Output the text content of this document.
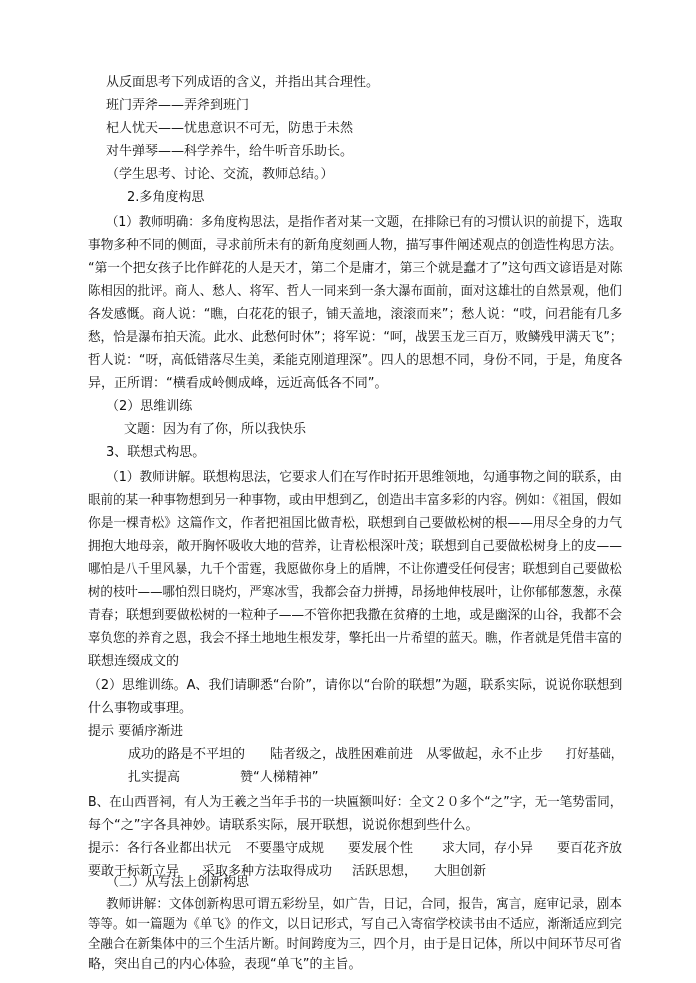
从反面思考下列成语的含义，并指出其合理性。
班门弄斧——弄斧到班门
杞人忧天——忧患意识不可无，防患于未然
对牛弹琴——科学养牛，给牛听音乐助长。
（学生思考、讨论、交流，教师总结。）
2.多角度构思
（1）教师明确：多角度构思法，是指作者对某一文题，在排除已有的习惯认识的前提下，选取
事物多种不同的侧面，寻求前所未有的新角度刻画人物，描写事件阐述观点的创造性构思方法。
“第一个把女孩子比作鲜花的人是天才，第二个是庸才，第三个就是蠢才了”这句西文谚语是对陈
陈相因的批评。商人、愁人、将军、哲人一同来到一条大瀑布面前，面对这雄壮的自然景观，他们
各发感慨。商人说：“瞧，白花花的银子，铺天盖地，滚滚而来”；愁人说：“哎，问君能有几多
愁，恰是瀑布拍天流。此水、此愁何时休”；将军说：“呵，战罢玉龙三百万，败鳞残甲满天飞”；
哲人说：“呀，高低错落尽生美，柔能克刚道理深”。四人的思想不同，身份不同，于是，角度各
异，正所谓：“横看成岭侧成峰，远近高低各不同”。
（2）思维训练
文题：因为有了你，所以我快乐
3、联想式构思。
（1）教师讲解。联想构思法，它要求人们在写作时拓开思维领地，勾通事物之间的联系，由
眼前的某一种事物想到另一种事物，或由甲想到乙，创造出丰富多彩的内容。例如：《祖国，假如
你是一棵青松》这篇作文，作者把祖国比做青松，联想到自己要做松树的根——用尽全身的力气
拥抱大地母亲，敞开胸怀吸收大地的营养，让青松根深叶茂；联想到自己要做松树身上的皮——
哪怕是八千里风暴，九千个雷霆，我愿做你身上的盾牌，不让你遭受任何侵害；联想到自己要做松
树的枝叶——哪怕烈日晓灼，严寒冰雪，我都会奋力拼搏，昂扬地伸枝展叶，让你郁郁葱葱，永葆
青春；联想到要做松树的一粒种子——不管你把我撒在贫瘠的土地，或是幽深的山谷，我都不会
辜负您的养育之恩，我会不择土地地生根发芽，擎托出一片希望的蓝天。瞧，作者就是凭借丰富的
联想连缀成文的
（2）思维训练。A、我们请聊悉“台阶”，请你以“台阶的联想”为题，联系实际，说说你联想到
什么事物或事理。
提示 要循序渐进
成功的路是不平坦的 陆者级之，战胜困难前进 从零做起，永不止步 打好基础，
扎实提高	赞“人梯精神”
B、在山西晋祠，有人为王羲之当年手书的一块匾额叫好：全文２０多个“之”字，无一笔势雷同，
每个“之”字各具神妙。请联系实际，展开联想，说说你想到些什么。
提示：各行各业都出状元 不要墨守成规 要发展个性 求大同，存小异 要百花齐放
要敢于标新立异 采取多种方法取得成功 活跃思想， 大胆创新
（二）从写法上创新构思
教师讲解：文体创新构思可谓五彩纷呈，如广告，日记，合同，报告，寓言，庭审记录，剧本
等等。如一篇题为《单飞》的作文，以日记形式，写自己入寄宿学校读书由不适应，渐渐适应到完
全融合在新集体中的三个生活片断。时间跨度为三，四个月，由于是日记体，所以中间环节尽可省
略，突出自己的内心体验，表现“单飞”的主旨。
